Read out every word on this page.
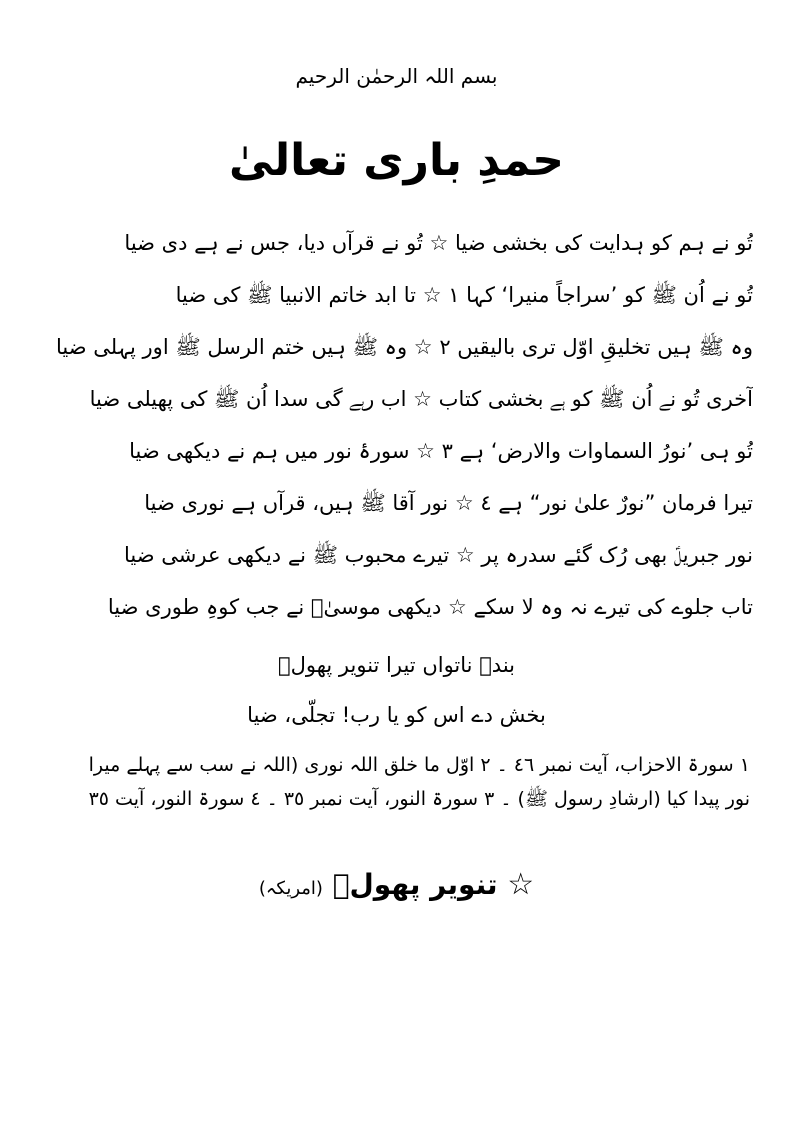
بسم اللہ الرحمٰن الرحیم
حمدِ باری تعالیٰ
تُو نے ہم کو ہدایت کی بخشی ضیا ☆ تُو نے قرآں دیا، جس نے ہے دی ضیا
تُو نے اُن ﷺ کو ’سراجاً منیرا‘ کہا ١ ☆ تا ابد خاتم الانبیا ﷺ کی ضیا
وہ ﷺ ہیں تخلیقِ اوّل تری بالیقیں ٢ ☆ وہ ﷺ ہیں ختم الرسل ﷺ اور پہلی ضیا
آخری تُو نے اُن ﷺ کو ہے بخشی کتاب ☆ اب رہے گی سدا اُن ﷺ کی پھیلی ضیا
تُو ہی ’نورُ السماوات والارض‘ ہے ٣ ☆ سورۂ نور میں ہم نے دیکھی ضیا
تیرا فرمان ”نورٌ علیٰ نور“ ہے ٤ ☆ نور آقا ﷺ ہیں، قرآں ہے نوری ضیا
نور جبریلؑ بھی رُک گئے سدرہ پر ☆ تیرے محبوب ﷺ نے دیکھی عرشی ضیا
تاب جلوے کی تیرے نہ وہ لا سکے ☆ دیکھی موسیٰؑ نے جب کوہِ طوری ضیا
بندۂ ناتواں تیرا تنویر پھولؔ
بخش دے اس کو یا رب! تجلّی، ضیا
١ سورۃ الاحزاب، آیت نمبر ٤٦ ۔ ٢ اوّل ما خلق اللہ نوری (اللہ نے سب سے پہلے میرا
نور پیدا کیا (ارشادِ رسول ﷺ) ۔ ٣ سورۃ النور، آیت نمبر ٣٥ ۔ ٤ سورۃ النور، آیت ٣٥
☆ تنویر پھولؔ (امریکہ)
